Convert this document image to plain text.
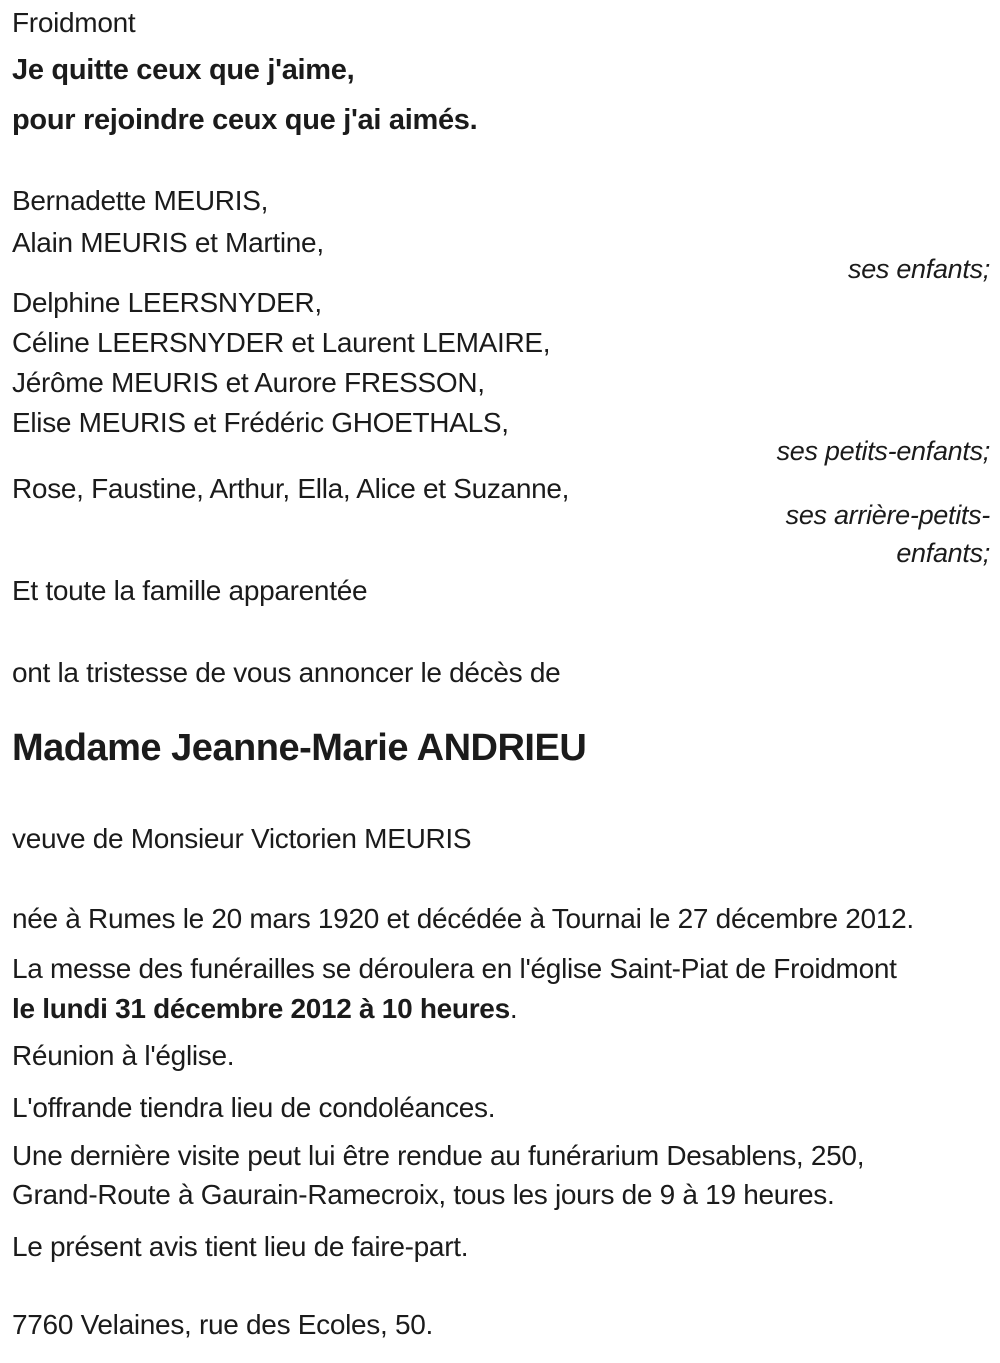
Froidmont
Je quitte ceux que j'aime,
pour rejoindre ceux que j'ai aimés.
Bernadette MEURIS,
Alain MEURIS et Martine,
ses enfants;
Delphine LEERSNYDER,
Céline LEERSNYDER et Laurent LEMAIRE,
Jérôme MEURIS et Aurore FRESSON,
Elise MEURIS et Frédéric GHOETHALS,
ses petits-enfants;
Rose, Faustine, Arthur, Ella, Alice et Suzanne,
ses arrière-petits-
enfants;
Et toute la famille apparentée
ont la tristesse de vous annoncer le décès de
Madame Jeanne-Marie ANDRIEU
veuve de Monsieur Victorien MEURIS
née à Rumes le 20 mars 1920 et décédée à Tournai le 27 décembre 2012.
La messe des funérailles se déroulera en l'église Saint-Piat de Froidmont
le lundi 31 décembre 2012 à 10 heures.
Réunion à l'église.
L'offrande tiendra lieu de condoléances.
Une dernière visite peut lui être rendue au funérarium Desablens, 250,
Grand-Route à Gaurain-Ramecroix, tous les jours de 9 à 19 heures.
Le présent avis tient lieu de faire-part.
7760 Velaines, rue des Ecoles, 50.
